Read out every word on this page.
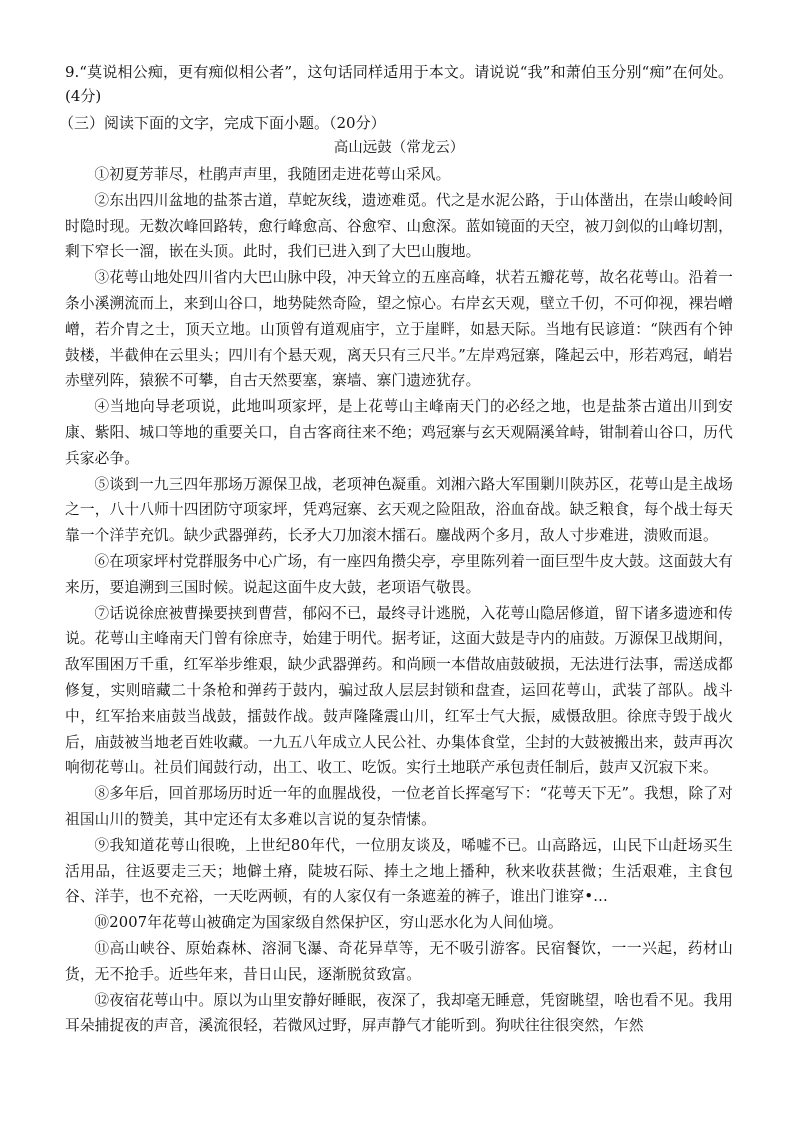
9.“莫说相公痴，更有痴似相公者”，这句话同样适用于本文。请说说“我”和萧伯玉分别“痴”在何处。(4分)

（三）阅读下面的文字，完成下面小题。（20分）

高山远鼓（常龙云）

①初夏芳菲尽，杜鹃声声里，我随团走进花萼山采风。

②东出四川盆地的盐茶古道，草蛇灰线，遗迹难觅。代之是水泥公路，于山体凿出，在崇山峻岭间时隐时现。无数次峰回路转，愈行峰愈高、谷愈窄、山愈深。蓝如镜面的天空，被刀剑似的山峰切割，剩下窄长一溜，嵌在头顶。此时，我们已进入到了大巴山腹地。

③花萼山地处四川省内大巴山脉中段，冲天耸立的五座高峰，状若五瓣花萼，故名花萼山。沿着一条小溪溯流而上，来到山谷口，地势陡然奇险，望之惊心。右岸玄天观，壁立千仞，不可仰视，裸岩嶒嶒，若介胄之士，顶天立地。山顶曾有道观庙宇，立于崖畔，如悬天际。当地有民谚道：“陕西有个钟鼓楼，半截伸在云里头；四川有个悬天观，离天只有三尺半。”左岸鸡冠寨，隆起云中，形若鸡冠，峭岩赤壁列阵，猿猴不可攀，自古天然要塞，寨墙、寨门遗迹犹存。

④当地向导老项说，此地叫项家坪，是上花萼山主峰南天门的必经之地，也是盐茶古道出川到安康、紫阳、城口等地的重要关口，自古客商往来不绝；鸡冠寨与玄天观隔溪耸峙，钳制着山谷口，历代兵家必争。

⑤谈到一九三四年那场万源保卫战，老项神色凝重。刘湘六路大军围剿川陕苏区，花萼山是主战场之一，八十八师十四团防守项家坪，凭鸡冠寨、玄天观之险阻敌，浴血奋战。缺乏粮食，每个战士每天靠一个洋芋充饥。缺少武器弹药，长矛大刀加滚木擂石。鏖战两个多月，敌人寸步难进，溃败而退。

⑥在项家坪村党群服务中心广场，有一座四角攒尖亭，亭里陈列着一面巨型牛皮大鼓。这面鼓大有来历，要追溯到三国时候。说起这面牛皮大鼓，老项语气敬畏。

⑦话说徐庶被曹操要挟到曹营，郁闷不已，最终寻计逃脱，入花萼山隐居修道，留下诸多遗迹和传说。花萼山主峰南天门曾有徐庶寺，始建于明代。据考证，这面大鼓是寺内的庙鼓。万源保卫战期间，敌军围困万千重，红军举步维艰，缺少武器弹药。和尚顾一本借故庙鼓破损，无法进行法事，需送成都修复，实则暗藏二十条枪和弹药于鼓内，骗过敌人层层封锁和盘查，运回花萼山，武装了部队。战斗中，红军抬来庙鼓当战鼓，擂鼓作战。鼓声隆隆震山川，红军士气大振，威慑敌胆。徐庶寺毁于战火后，庙鼓被当地老百姓收藏。一九五八年成立人民公社、办集体食堂，尘封的大鼓被搬出来，鼓声再次响彻花萼山。社员们闻鼓行动，出工、收工、吃饭。实行土地联产承包责任制后，鼓声又沉寂下来。

⑧多年后，回首那场历时近一年的血腥战役，一位老首长挥毫写下：“花萼天下无”。我想，除了对祖国山川的赞美，其中定还有太多难以言说的复杂情愫。

⑨我知道花萼山很晚，上世纪80年代，一位朋友谈及，唏嘘不已。山高路远，山民下山赶场买生活用品，往返要走三天；地僻土瘠，陡坡石际、捧土之地上播种，秋来收获甚微；生活艰难，主食包谷、洋芋，也不充裕，一天吃两顿，有的人家仅有一条遮羞的裤子，谁出门谁穿•…

⑩2007年花萼山被确定为国家级自然保护区，穷山恶水化为人间仙境。

⑪高山峡谷、原始森林、溶洞飞瀑、奇花异草等，无不吸引游客。民宿餐饮，一一兴起，药材山货，无不抢手。近些年来，昔日山民，逐渐脱贫致富。

⑫夜宿花萼山中。原以为山里安静好睡眠，夜深了，我却毫无睡意，凭窗眺望，啥也看不见。我用耳朵捕捉夜的声音，溪流很轻，若微风过野，屏声静气才能听到。狗吠往往很突然，乍然
